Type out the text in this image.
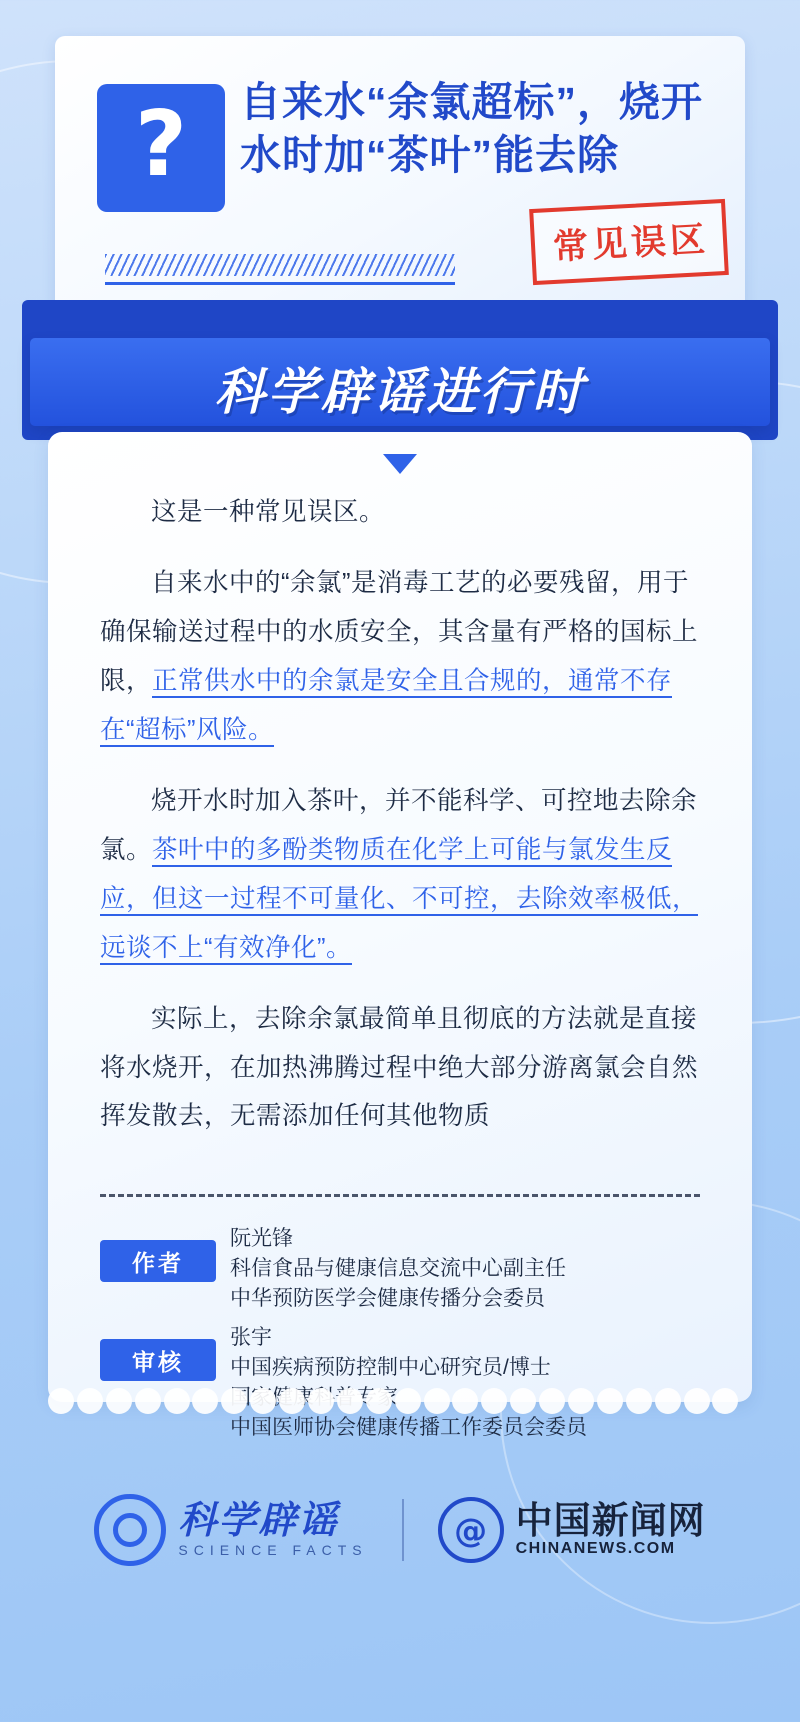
? 自来水“余氯超标”，烧开水时加“茶叶”能去除
常见误区
科学辟谣进行时

这是一种常见误区。

自来水中的“余氯”是消毒工艺的必要残留，用于确保输送过程中的水质安全，其含量有严格的国标上限，正常供水中的余氯是安全且合规的，通常不存在“超标”风险。

烧开水时加入茶叶，并不能科学、可控地去除余氯。茶叶中的多酚类物质在化学上可能与氯发生反应，但这一过程不可量化、不可控，去除效率极低，远谈不上“有效净化”。

实际上，去除余氯最简单且彻底的方法就是直接将水烧开，在加热沸腾过程中绝大部分游离氯会自然挥发散去，无需添加任何其他物质

作者
阮光锋
科信食品与健康信息交流中心副主任
中华预防医学会健康传播分会委员
审核
张宇
中国疾病预防控制中心研究员/博士
中国医师协会健康传播工作委员会委员
科学辟谣
SCIENCE FACTS
@ 中国新闻网
CHINANEWS.COM
